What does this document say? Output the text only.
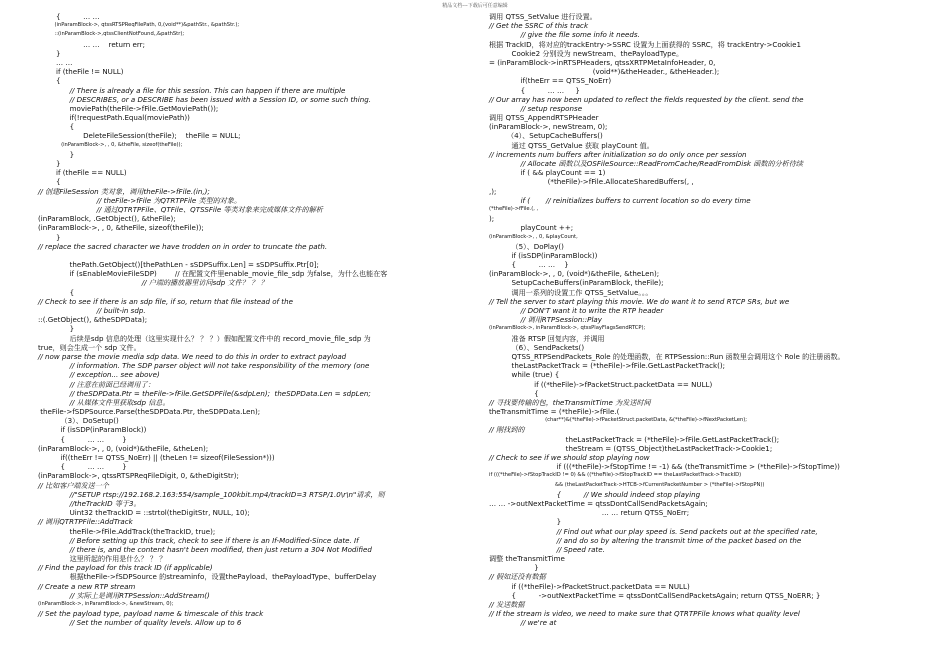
精品文档---下载后可任意编辑
{          … …
(inParamBlock->, qtssRTSPReqFilePath, 0,(void**)&pathStr., &pathStr.);
::(inParamBlock->,qtssClientNotFound,,&pathStr);
… …    return err;
}
… …
if (theFile != NULL)
{
// There is already a file for this session. This can happen if there are multiple
// DESCRIBES, or a DESCRIBE has been issued with a Session ID, or some such thing.
moviePath(theFile->fFile.GetMoviePath());
if(!requestPath.Equal(moviePath))
{
DeleteFileSession(theFile);    theFile = NULL;
(inParamBlock->, , 0, &theFile, sizeof(theFile));
}
}
if (theFile == NULL)
{
// 创建FileSession 类对象，调用theFile->fFile.(in,);
// theFile->fFile 为QTRTPFile 类型的对象。
// 通过QTRTPFile、QTFile、QTSSFile 等类对象来完成媒体文件的解析
(inParamBlock, .GetObject(), &theFile);
(inParamBlock->, , 0, &theFile, sizeof(theFile));
}
// replace the sacred character we have trodden on in order to truncate the path.
thePath.GetObject()[thePathLen - sSDPSuffix.Len] = sSDPSuffix.Ptr[0];
if (sEnableMovieFileSDP)        // 在配置文件里enable_movie_file_sdp 为false，为什么也能在客
// 户端的播放器里访问sdp 文件？ ？ ？
{
// Check to see if there is an sdp file, if so, return that file instead of the
// built-in sdp.
::(.GetObject(), &theSDPData);
}
后续是sdp 信息的处理（这里实现什么？ ？ ？）假如配置文件中的 record_movie_file_sdp 为
true，则会生成一个 sdp 文件。
// now parse the movie media sdp data. We need to do this in order to extract payload
// information. The SDP parser object will not take responsibility of the memory (one
// exception... see above)
// 注意在前面已经调用了：
// theSDPData.Ptr = theFile->fFile.GetSDPFile(&sdpLen);  theSDPData.Len = sdpLen;
// 从媒体文件里获取sdp 信息。
theFile->fSDPSource.Parse(theSDPData.Ptr, theSDPData.Len);
（3）、DoSetup()
if (isSDP(inParamBlock))
{          … …        }
(inParamBlock->, , 0, (void*)&theFile, &theLen);
if((theErr != QTSS_NoErr) || (theLen != sizeof(FileSession*)))
{          … …        }
(inParamBlock->, qtssRTSPReqFileDigit, 0, &theDigitStr);
// 比如客户端发送一个
//"SETUP rtsp://192.168.2.163:554/sample_100kbit.mp4/trackID=3 RTSP/1.0\r\n"请求，则
//theTrackID 等于3。
Uint32 theTrackID = ::strtol(theDigitStr, NULL, 10);
// 调用QTRTPFile::AddTrack
theFile->fFile.AddTrack(theTrackID, true);
// Before setting up this track, check to see if there is an If-Modified-Since date. If
// there is, and the content hasn't been modified, then just return a 304 Not Modified
这里所起的作用是什么？ ？ ？
// Find the payload for this track ID (if applicable)
根据theFile->fSDPSource 的streaminfo，设置thePayload、thePayloadType、bufferDelay
// Create a new RTP stream
// 实际上是调用RTPSession::AddStream()
(inParamBlock->, inParamBlock->, &newStream, 0);
// Set the payload type, payload name & timescale of this track
// Set the number of quality levels. Allow up to 6
调用 QTSS_SetValue 进行设置。
// Get the SSRC of this track
// give the file some info it needs.
根据 TrackID，将对应的trackEntry->SSRC 设置为上面获得的 SSRC，将 trackEntry->Cookie1
Cookie2 分别设为 newStream、thePayloadType。
= (inParamBlock->inRTSPHeaders, qtssXRTPMetaInfoHeader, 0,
(void**)&theHeader., &theHeader.);
if(theErr == QTSS_NoErr)
{          … …     }
// Our array has now been updated to reflect the fields requested by the client. send the
// setup response
调用 QTSS_AppendRTSPHeader
(inParamBlock->, newStream, 0);
（4）、SetupCacheBuffers()
通过 QTSS_GetValue 获取 playCount 值。
// increments num buffers after initialization so do only once per session
// Allocate 函数以及OSFileSource::ReadFromCache/ReadFromDisk 函数的分析待续
if ( && playCount == 1)
(*theFile)->fFile.AllocateSharedBuffers(, ,
,);
if (       // reinitializes buffers to current location so do every time
(*theFile)->fFile.(, ,
);
playCount ++;
(inParamBlock->, , 0, &playCount,
（5）、DoPlay()
if (isSDP(inParamBlock))
{          … …    }
(inParamBlock->, , 0, (void*)&theFile, &theLen);
SetupCacheBuffers(inParamBlock, theFile);
调用一系列的设置工作 QTSS_SetValue。。。
// Tell the server to start playing this movie. We do want it to send RTCP SRs, but we
// DON'T want it to write the RTP header
// 调用RTPSession::Play
(inParamBlock->, inParamBlock->, qtssPlayFlagsSendRTCP);
准备 RTSP 回复内容，并调用
（6）、SendPackets()
QTSS_RTPSendPackets_Role 的处理函数，在 RTPSession::Run 函数里会调用这个 Role 的注册函数。
theLastPacketTrack = (*theFile)->fFile.GetLastPacketTrack();
while (true) {
if ((*theFile)->fPacketStruct.packetData == NULL)
{
// 寻找要传输的包，theTransmitTime 为发送时间
theTransmitTime = (*theFile)->fFile.(
(char**)&(*theFile)->fPacketStruct.packetData, &(*theFile)->fNextPacketLen);
// 刚找到的
theLastPacketTrack = (*theFile)->fFile.GetLastPacketTrack();
theStream = (QTSS_Object)theLastPacketTrack->Cookie1;
// Check to see if we should stop playing now
if (((*theFile)->fStopTime != -1) && (theTransmitTime > (*theFile)->fStopTime))
if (((*theFile)->fStopTrackID != 0) && ((*theFile)->fStopTrackID == theLastPacketTrack->TrackID)
&& (theLastPacketTrack->HTCB->fCurrentPacketNumber > (*theFile)->fStopPN))
{          // We should indeed stop playing
… … ->outNextPacketTime = qtssDontCallSendPacketsAgain;
… … return QTSS_NoErr;
}
// Find out what our play speed is. Send packets out at the specified rate,
// and do so by altering the transmit time of the packet based on the
// Speed rate.
调整 theTransmitTime
}
// 假如还没有数据
if ((*theFile)->fPacketStruct.packetData == NULL)
{          ->outNextPacketTime = qtssDontCallSendPacketsAgain; return QTSS_NoERR; }
// 发送数据
// If the stream is video, we need to make sure that QTRTPFile knows what quality level
// we're at
